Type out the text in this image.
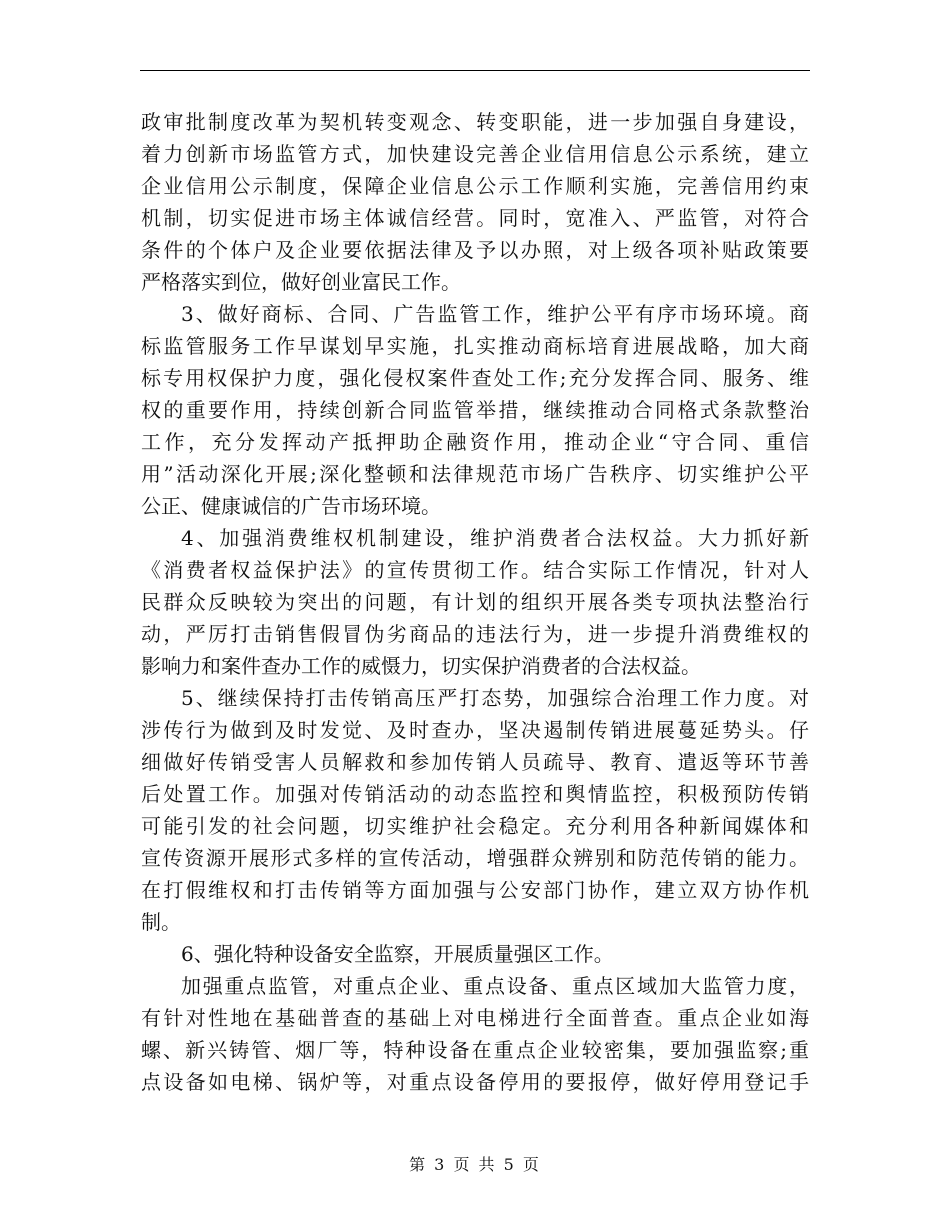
政审批制度改革为契机转变观念、转变职能，进一步加强自身建设，
着力创新市场监管方式，加快建设完善企业信用信息公示系统，建立
企业信用公示制度，保障企业信息公示工作顺利实施，完善信用约束
机制，切实促进市场主体诚信经营。同时，宽准入、严监管，对符合
条件的个体户及企业要依据法律及予以办照，对上级各项补贴政策要
严格落实到位，做好创业富民工作。
3、做好商标、合同、广告监管工作，维护公平有序市场环境。商
标监管服务工作早谋划早实施，扎实推动商标培育进展战略，加大商
标专用权保护力度，强化侵权案件查处工作;充分发挥合同、服务、维
权的重要作用，持续创新合同监管举措，继续推动合同格式条款整治
工作，充分发挥动产抵押助企融资作用，推动企业“守合同、重信
用”活动深化开展;深化整顿和法律规范市场广告秩序、切实维护公平
公正、健康诚信的广告市场环境。
4、加强消费维权机制建设，维护消费者合法权益。大力抓好新
《消费者权益保护法》的宣传贯彻工作。结合实际工作情况，针对人
民群众反映较为突出的问题，有计划的组织开展各类专项执法整治行
动，严厉打击销售假冒伪劣商品的违法行为，进一步提升消费维权的
影响力和案件查办工作的威慑力，切实保护消费者的合法权益。
5、继续保持打击传销高压严打态势，加强综合治理工作力度。对
涉传行为做到及时发觉、及时查办，坚决遏制传销进展蔓延势头。仔
细做好传销受害人员解救和参加传销人员疏导、教育、遣返等环节善
后处置工作。加强对传销活动的动态监控和舆情监控，积极预防传销
可能引发的社会问题，切实维护社会稳定。充分利用各种新闻媒体和
宣传资源开展形式多样的宣传活动，增强群众辨别和防范传销的能力。
在打假维权和打击传销等方面加强与公安部门协作，建立双方协作机
制。
6、强化特种设备安全监察，开展质量强区工作。
加强重点监管，对重点企业、重点设备、重点区域加大监管力度，
有针对性地在基础普查的基础上对电梯进行全面普查。重点企业如海
螺、新兴铸管、烟厂等，特种设备在重点企业较密集，要加强监察;重
点设备如电梯、锅炉等，对重点设备停用的要报停，做好停用登记手
第 3 页 共 5 页
